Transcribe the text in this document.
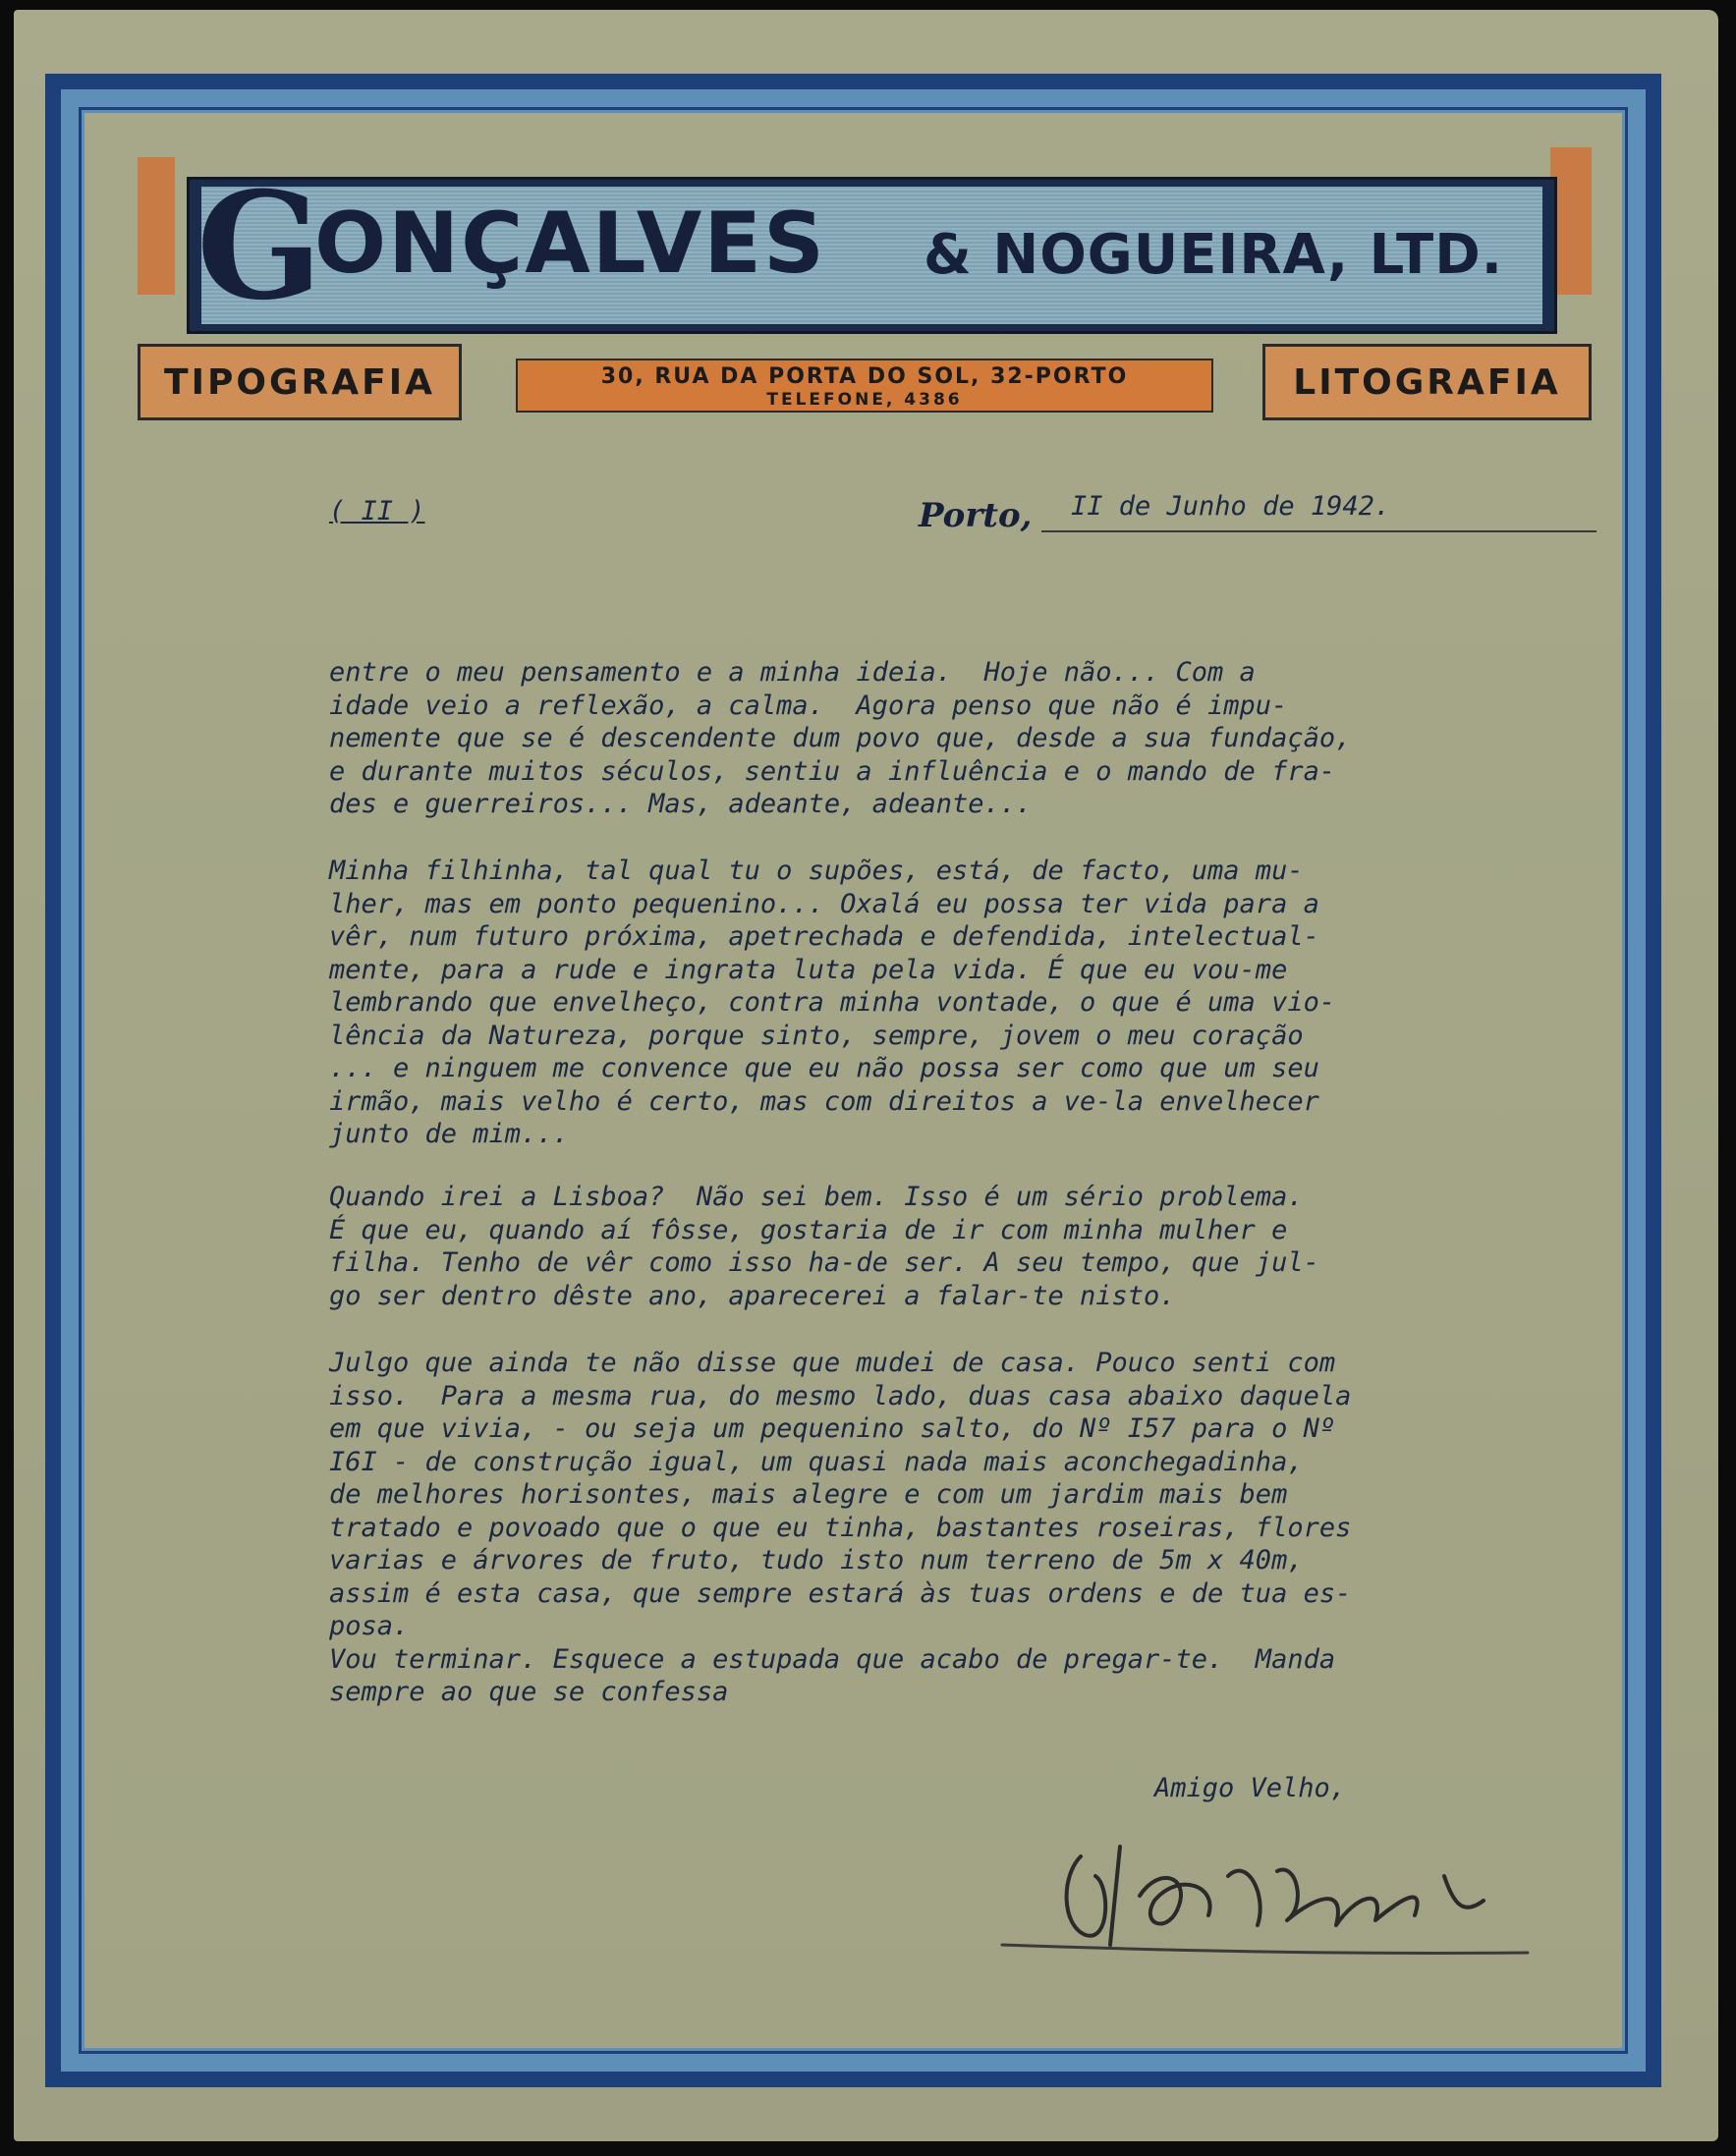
G
ONÇALVES & NOGUEIRA, LTD.
TIPOGRAFIA	LITOGRAFIA
30, RUA DA PORTA DO SOL, 32-PORTO
TELEFONE, 4386
( II )	Porto, II de Junho de 1942.
entre o meu pensamento e a minha ideia.  Hoje não... Com a
idade veio a reflexão, a calma.  Agora penso que não é impu-
nemente que se é descendente dum povo que, desde a sua fundação,
e durante muitos séculos, sentiu a influência e o mando de fra-
des e guerreiros... Mas, adeante, adeante...
Minha filhinha, tal qual tu o supões, está, de facto, uma mu-
lher, mas em ponto pequenino... Oxalá eu possa ter vida para a
vêr, num futuro próxima, apetrechada e defendida, intelectual-
mente, para a rude e ingrata luta pela vida. É que eu vou-me
lembrando que envelheço, contra minha vontade, o que é uma vio-
lência da Natureza, porque sinto, sempre, jovem o meu coração
... e ninguem me convence que eu não possa ser como que um seu
irmão, mais velho é certo, mas com direitos a ve-la envelhecer
junto de mim...
Quando irei a Lisboa?  Não sei bem. Isso é um sério problema.
É que eu, quando aí fôsse, gostaria de ir com minha mulher e
filha. Tenho de vêr como isso ha-de ser. A seu tempo, que jul-
go ser dentro dêste ano, aparecerei a falar-te nisto.
Julgo que ainda te não disse que mudei de casa. Pouco senti com
isso.  Para a mesma rua, do mesmo lado, duas casa abaixo daquela
em que vivia, - ou seja um pequenino salto, do Nº I57 para o Nº
I6I - de construção igual, um quasi nada mais aconchegadinha,
de melhores horisontes, mais alegre e com um jardim mais bem
tratado e povoado que o que eu tinha, bastantes roseiras, flores
varias e árvores de fruto, tudo isto num terreno de 5m x 40m,
assim é esta casa, que sempre estará às tuas ordens e de tua es-
posa.
Vou terminar. Esquece a estupada que acabo de pregar-te.  Manda
sempre ao que se confessa
Amigo Velho,
